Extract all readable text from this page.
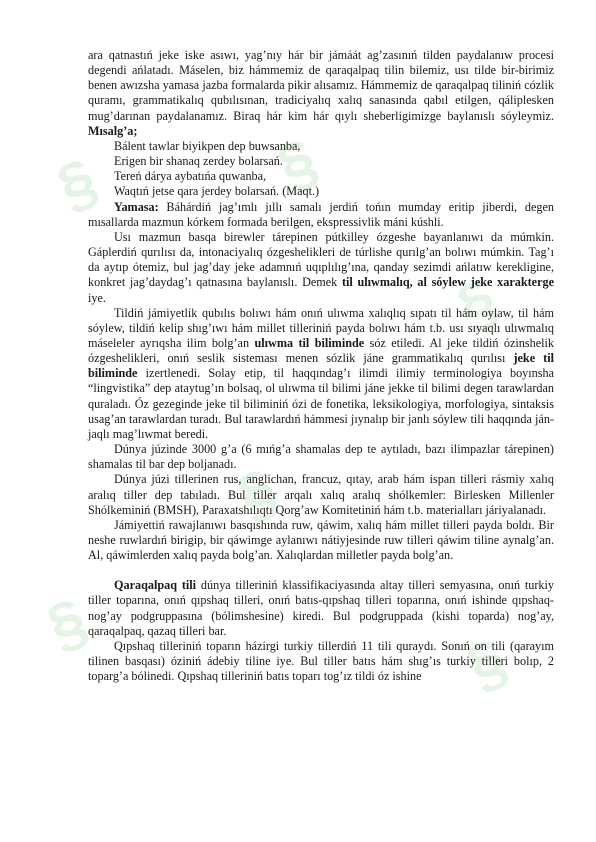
§
§
§
§
§
§

ara qatnastıń jeke iske asıwı, yag’nıy hár bir jámáát ag’zasınıń tilden paydalanıw procesi degendi ańlatadı. Máselen, biz hámmemiz de qaraqalpaq tilin bilemiz, usı tilde bir-birimiz benen awızsha yamasa jazba formalarda pikir alısamız. Hámmemiz de qaraqalpaq tiliniń cózlik quramı, grammatikalıq qubılısınan, tradiciyalıq xalıq sanasında qabıl etilgen, qáliplesken mug’darınan paydalanamız. Biraq hár kim hár qıylı sheberligimizge baylanıslı sóyleymiz. Mısalg’a;

Bálent tawlar biyikpen dep buwsanba,

Erigen bir shanaq zerdey bolarsań.

Tereń dárya aybatıńa quwanba,

Waqtıń jetse qara jerdey bolarsań. (Maqt.)

Yamasa: Báhárdiń jag’ımlı jıllı samalı jerdiń tońın mumday eritip jiberdi, degen mısallarda mazmun kórkem formada berilgen, ekspressivlik máni kúshli.

Usı mazmun basqa birewler tárepinen pútkilley ózgeshe bayanlanıwı da múmkin. Gáplerdiń qurılısı da, intonaciyalıq ózgeshelikleri de túrlishe qurılg’an bolıwı múmkin. Tag’ı da aytıp ótemiz, bul jag’day jeke adamnıń uqıplılıg’ına, qanday sezimdi ańlatıw kerekligine, konkret jag’daydag’ı qatnasına baylanıslı. Demek til ulıwmalıq, al sóylew jeke xarakterge iye.

Tildiń jámiyetlik qubılıs bolıwı hám onıń ulıwma xalıqlıq sıpatı til hám oylaw, til hám sóylew, tildiń kelip shıg’ıwı hám millet tilleriniń payda bolıwı hám t.b. usı sıyaqlı ulıwmalıq máseleler ayrıqsha ilim bolg’an ulıwma til biliminde sóz etiledi. Al jeke tildiń ózinshelik ózgeshelikleri, onıń seslik sisteması menen sózlik jáne grammatikalıq qurılısı jeke til biliminde izertlenedi. Solay etip, til haqqındag’ı ilimdi ilimiy terminologiya boyınsha “lingvistika” dep ataytug’ın bolsaq, ol ulıwma til bilimi jáne jekke til bilimi degen tarawlardan quraladı. Óz gezeginde jeke til biliminiń ózi de fonetika, leksikologiya, morfologiya, sintaksis usag’an tarawlardan turadı. Bul tarawlardıń hámmesi jıynalıp bir janlı sóylew tili haqqında ján-jaqlı mag’lıwmat beredi.

Dúnya júzinde 3000 g’a (6 mıńg’a shamalas dep te aytıladı, bazı ilimpazlar tárepinen) shamalas til bar dep boljanadı.

Dúnya júzi tillerinen rus, anglichan, francuz, qıtay, arab hám ispan tilleri rásmiy xalıq aralıq tiller dep tabıladı. Bul tiller arqalı xalıq aralıq shólkemler: Birlesken Millenler Shólkeminiń (BMSH), Paraxatshılıqtı Qorg’aw Komitetiniń hám t.b. materialları járiyalanadı.

Jámiyettiń rawajlanıwı basqıshında ruw, qáwim, xalıq hám millet tilleri payda boldı. Bir neshe ruwlardıń birigip, bir qáwimge aylanıwı nátiyjesinde ruw tilleri qáwim tiline aynalg’an. Al, qáwimlerden xalıq payda bolg’an. Xalıqlardan milletler payda bolg’an.

Qaraqalpaq tili dúnya tilleriniń klassifikaciyasında altay tilleri semyasına, onıń turkiy tiller toparına, onıń qıpshaq tilleri, onıń batıs-qıpshaq tilleri toparına, onıń ishinde qıpshaq-nog’ay podgruppasına (bólimshesine) kiredi. Bul podgruppada (kishi toparda) nog’ay, qaraqalpaq, qazaq tilleri bar.

Qıpshaq tilleriniń toparın házirgi turkiy tillerdiń 11 tili quraydı. Sonıń on tili (qarayım tilinen basqası) óziniń ádebiy tiline iye. Bul tiller batıs hám shıg’ıs turkiy tilleri bolıp, 2 toparg’a bólinedi. Qıpshaq tilleriniń batıs toparı tog’ız tildi óz ishine
